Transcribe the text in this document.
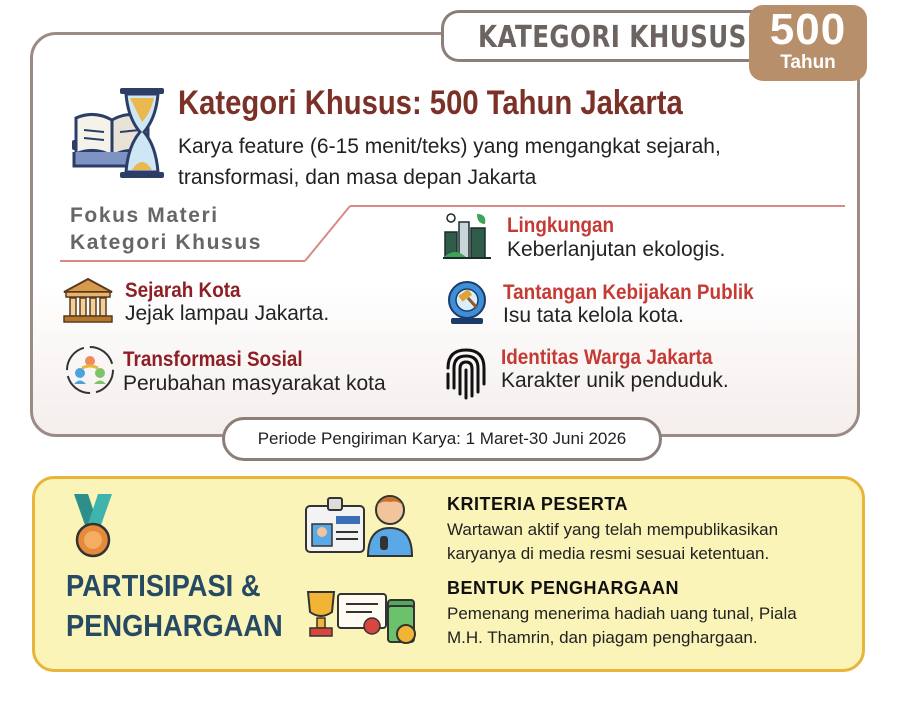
KATEGORI KHUSUS 500
Tahun
Kategori Khusus: 500 Tahun Jakarta
Karya feature (6-15 menit/teks) yang mengangkat sejarah,
transformasi, dan masa depan Jakarta
Fokus Materi
Kategori Khusus
Sejarah Kota
Jejak lampau Jakarta.
Transformasi Sosial
Perubahan masyarakat kota
Lingkungan
Keberlanjutan ekologis.
Tantangan Kebijakan Publik
Isu tata kelola kota.
Identitas Warga Jakarta
Karakter unik penduduk.
Periode Pengiriman Karya: 1 Maret-30 Juni 2026
PARTISIPASI &
PENGHARGAAN
KRITERIA PESERTA
Wartawan aktif yang telah mempublikasikan
karyanya di media resmi sesuai ketentuan.
BENTUK PENGHARGAAN
Pemenang menerima hadiah uang tunal, Piala
M.H. Thamrin, dan piagam penghargaan.
